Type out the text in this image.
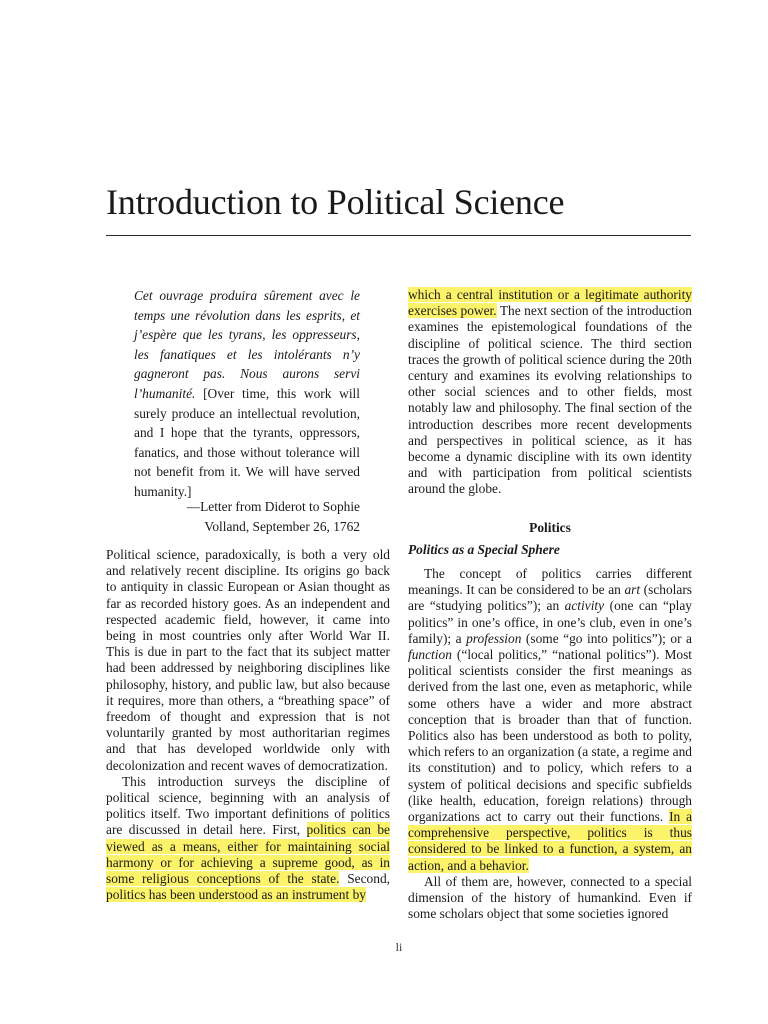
Introduction to Political Science
Cet ouvrage produira sûrement avec le temps une révolution dans les esprits, et j’espère que les tyrans, les oppresseurs, les fanatiques et les intolérants n’y gagneront pas. Nous aurons servi l’humanité. [Over time, this work will surely produce an intellectual revolution, and I hope that the tyrants, oppressors, fanatics, and those without tolerance will not benefit from it. We will have served humanity.]
—Letter from Diderot to Sophie
Volland, September 26, 1762

Political science, paradoxically, is both a very old and relatively recent discipline. Its origins go back to antiquity in classic European or Asian thought as far as recorded history goes. As an independent and respected academic field, however, it came into being in most countries only after World War II. This is due in part to the fact that its subject matter had been addressed by neighboring disciplines like philosophy, history, and public law, but also because it requires, more than others, a “breathing space” of freedom of thought and expression that is not voluntarily granted by most authoritarian regimes and that has developed worldwide only with decolonization and recent waves of democratization.

This introduction surveys the discipline of political science, beginning with an analysis of politics itself. Two important definitions of politics are discussed in detail here. First, politics can be viewed as a means, either for maintaining social harmony or for achieving a supreme good, as in some religious conceptions of the state. Second, politics has been understood as an instrument by

which a central institution or a legitimate authority exercises power. The next section of the introduction examines the epistemological foundations of the discipline of political science. The third section traces the growth of political science during the 20th century and examines its evolving relationships to other social sciences and to other fields, most notably law and philosophy. The final section of the introduction describes more recent developments and perspectives in political science, as it has become a dynamic discipline with its own identity and with participation from political scientists around the globe.

Politics
Politics as a Special Sphere

The concept of politics carries different meanings. It can be considered to be an art (scholars are “studying politics”); an activity (one can “play politics” in one’s office, in one’s club, even in one’s family); a profession (some “go into politics”); or a function (“local politics,” “national politics”). Most political scientists consider the first meanings as derived from the last one, even as metaphoric, while some others have a wider and more abstract conception that is broader than that of function. Politics also has been understood as both to polity, which refers to an organization (a state, a regime and its constitution) and to policy, which refers to a system of political decisions and specific subfields (like health, education, foreign relations) through organizations act to carry out their functions. In a comprehensive perspective, politics is thus considered to be linked to a function, a system, an action, and a behavior.

All of them are, however, connected to a special dimension of the history of humankind. Even if some scholars object that some societies ignored

li
